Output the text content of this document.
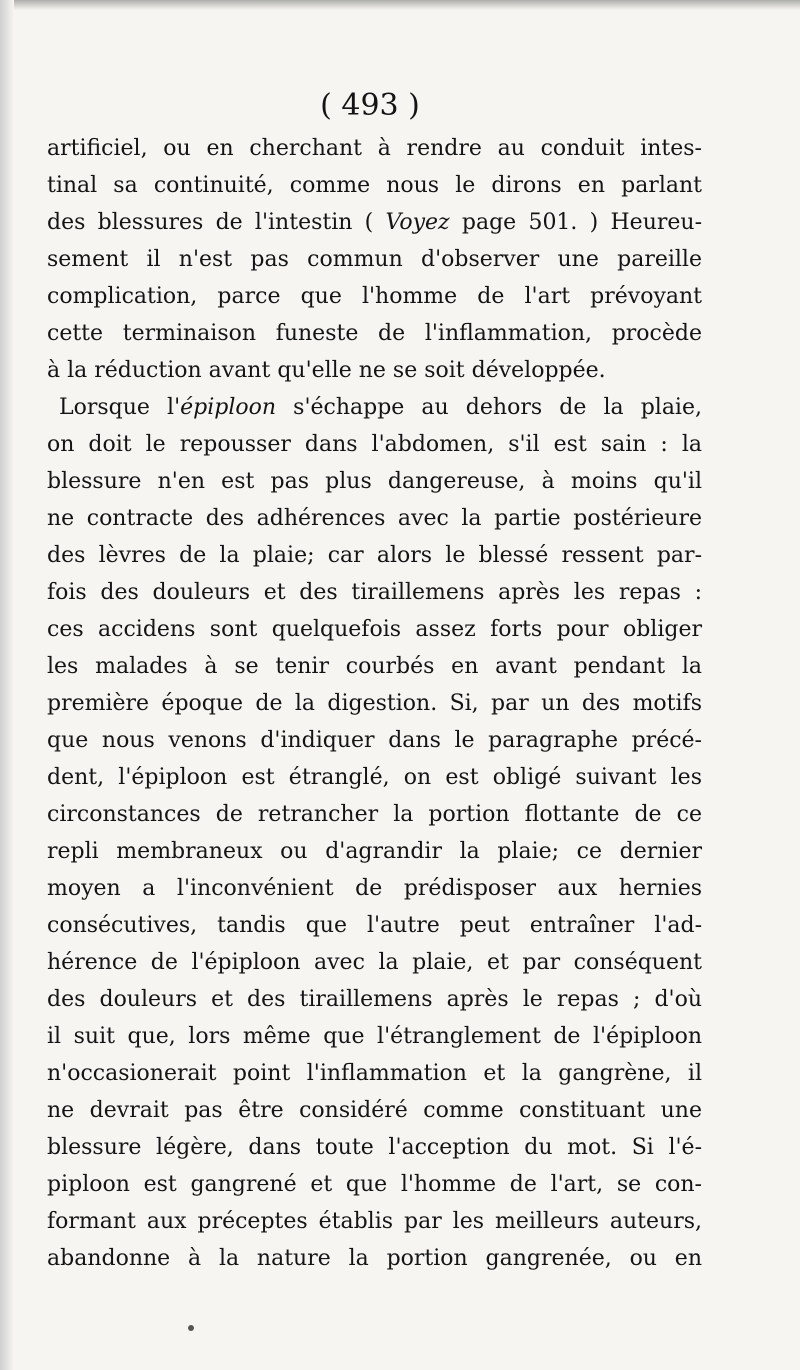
( 493 )
artificiel, ou en cherchant à rendre au conduit intes-
tinal sa continuité, comme nous le dirons en parlant
des blessures de l'intestin ( Voyez page 501. ) Heureu-
sement il n'est pas commun d'observer une pareille
complication, parce que l'homme de l'art prévoyant
cette terminaison funeste de l'inflammation, procède
à la réduction avant qu'elle ne se soit développée.
Lorsque l'épiploon s'échappe au dehors de la plaie,
on doit le repousser dans l'abdomen, s'il est sain : la
blessure n'en est pas plus dangereuse, à moins qu'il
ne contracte des adhérences avec la partie postérieure
des lèvres de la plaie; car alors le blessé ressent par-
fois des douleurs et des tiraillemens après les repas :
ces accidens sont quelquefois assez forts pour obliger
les malades à se tenir courbés en avant pendant la
première époque de la digestion. Si, par un des motifs
que nous venons d'indiquer dans le paragraphe précé-
dent, l'épiploon est étranglé, on est obligé suivant les
circonstances de retrancher la portion flottante de ce
repli membraneux ou d'agrandir la plaie; ce dernier
moyen a l'inconvénient de prédisposer aux hernies
consécutives, tandis que l'autre peut entraîner l'ad-
hérence de l'épiploon avec la plaie, et par conséquent
des douleurs et des tiraillemens après le repas ; d'où
il suit que, lors même que l'étranglement de l'épiploon
n'occasionerait point l'inflammation et la gangrène, il
ne devrait pas être considéré comme constituant une
blessure légère, dans toute l'acception du mot. Si l'é-
piploon est gangrené et que l'homme de l'art, se con-
formant aux préceptes établis par les meilleurs auteurs,
abandonne à la nature la portion gangrenée, ou en
